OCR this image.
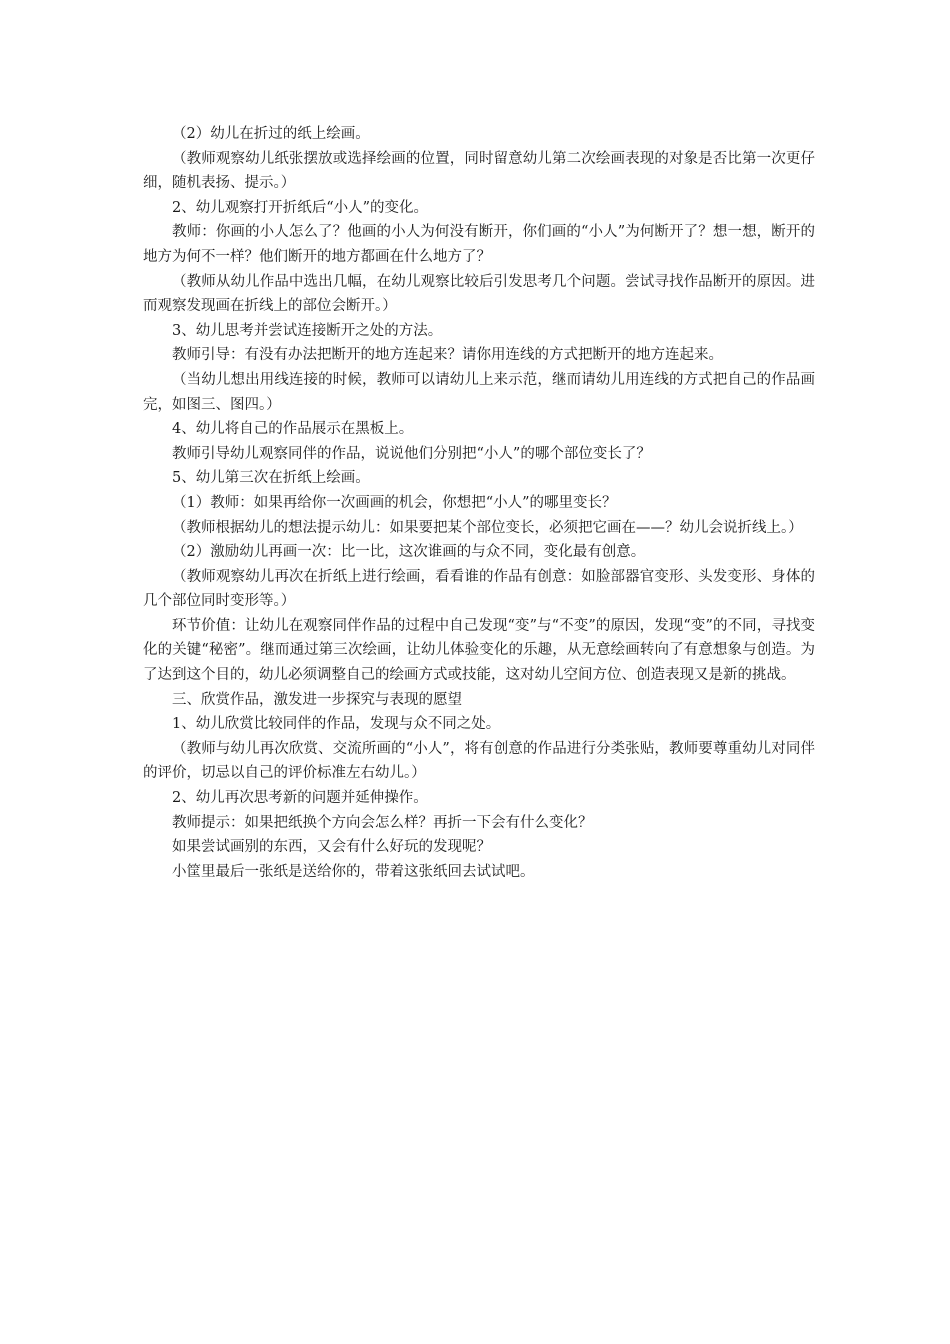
（2）幼儿在折过的纸上绘画。

（教师观察幼儿纸张摆放或选择绘画的位置，同时留意幼儿第二次绘画表现的对象是否比第一次更仔细，随机表扬、提示。）

2、幼儿观察打开折纸后“小人”的变化。

教师：你画的小人怎么了？他画的小人为何没有断开，你们画的“小人”为何断开了？想一想，断开的地方为何不一样？他们断开的地方都画在什么地方了？

（教师从幼儿作品中选出几幅，在幼儿观察比较后引发思考几个问题。尝试寻找作品断开的原因。进而观察发现画在折线上的部位会断开。）

3、幼儿思考并尝试连接断开之处的方法。

教师引导：有没有办法把断开的地方连起来？请你用连线的方式把断开的地方连起来。

（当幼儿想出用线连接的时候，教师可以请幼儿上来示范，继而请幼儿用连线的方式把自己的作品画完，如图三、图四。）

4、幼儿将自己的作品展示在黑板上。

教师引导幼儿观察同伴的作品，说说他们分别把“小人”的哪个部位变长了？

5、幼儿第三次在折纸上绘画。

（1）教师：如果再给你一次画画的机会，你想把“小人”的哪里变长？

（教师根据幼儿的想法提示幼儿：如果要把某个部位变长，必须把它画在——？幼儿会说折线上。）

（2）激励幼儿再画一次：比一比，这次谁画的与众不同，变化最有创意。

（教师观察幼儿再次在折纸上进行绘画，看看谁的作品有创意：如脸部器官变形、头发变形、身体的几个部位同时变形等。）

环节价值：让幼儿在观察同伴作品的过程中自己发现“变”与“不变”的原因，发现“变”的不同，寻找变化的关键“秘密”。继而通过第三次绘画，让幼儿体验变化的乐趣，从无意绘画转向了有意想象与创造。为了达到这个目的，幼儿必须调整自己的绘画方式或技能，这对幼儿空间方位、创造表现又是新的挑战。

三、欣赏作品，激发进一步探究与表现的愿望

1、幼儿欣赏比较同伴的作品，发现与众不同之处。

（教师与幼儿再次欣赏、交流所画的“小人”，将有创意的作品进行分类张贴，教师要尊重幼儿对同伴的评价，切忌以自己的评价标准左右幼儿。）

2、幼儿再次思考新的问题并延伸操作。

教师提示：如果把纸换个方向会怎么样？再折一下会有什么变化？

如果尝试画别的东西，又会有什么好玩的发现呢？

小筐里最后一张纸是送给你的，带着这张纸回去试试吧。
